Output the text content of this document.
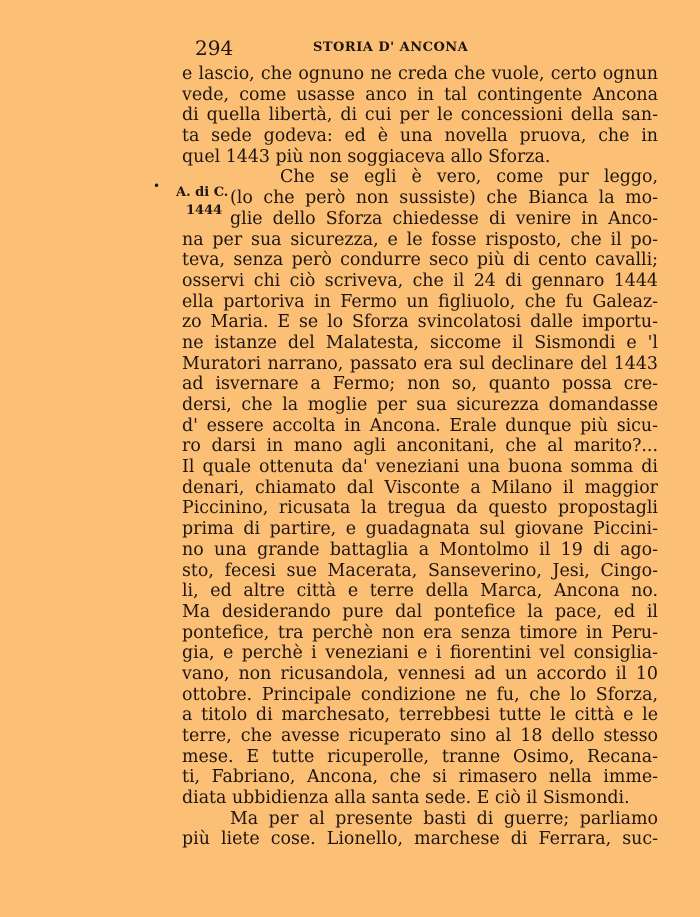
294	STORIA D' ANCONA
• A. di C.
1444
e lascio, che ognuno ne creda che vuole, certo ognun
vede, come usasse anco in tal contingente Ancona
di quella libertà, di cui per le concessioni della san-
ta sede godeva: ed è una novella pruova, che in
quel 1443 più non soggiaceva allo Sforza.
Che se egli è vero, come pur leggo,
(lo che però non sussiste) che Bianca la mo-
glie dello Sforza chiedesse di venire in Anco-
na per sua sicurezza, e le fosse risposto, che il po-
teva, senza però condurre seco più di cento cavalli;
osservi chi ciò scriveva, che il 24 di gennaro 1444
ella partoriva in Fermo un figliuolo, che fu Galeaz-
zo Maria. E se lo Sforza svincolatosi dalle importu-
ne istanze del Malatesta, siccome il Sismondi e 'l
Muratori narrano, passato era sul declinare del 1443
ad isvernare a Fermo; non so, quanto possa cre-
dersi, che la moglie per sua sicurezza domandasse
d' essere accolta in Ancona. Erale dunque più sicu-
ro darsi in mano agli anconitani, che al marito?...
Il quale ottenuta da' veneziani una buona somma di
denari, chiamato dal Visconte a Milano il maggior
Piccinino, ricusata la tregua da questo propostagli
prima di partire, e guadagnata sul giovane Piccini-
no una grande battaglia a Montolmo il 19 di ago-
sto, fecesi sue Macerata, Sanseverino, Jesi, Cingo-
li, ed altre città e terre della Marca, Ancona no.
Ma desiderando pure dal pontefice la pace, ed il
pontefice, tra perchè non era senza timore in Peru-
gia, e perchè i veneziani e i fiorentini vel consiglia-
vano, non ricusandola, vennesi ad un accordo il 10
ottobre. Principale condizione ne fu, che lo Sforza,
a titolo di marchesato, terrebbesi tutte le città e le
terre, che avesse ricuperato sino al 18 dello stesso
mese. E tutte ricuperolle, tranne Osimo, Recana-
ti, Fabriano, Ancona, che si rimasero nella imme-
diata ubbidienza alla santa sede. E ciò il Sismondi.
Ma per al presente basti di guerre; parliamo
più liete cose. Lionello, marchese di Ferrara, suc-
